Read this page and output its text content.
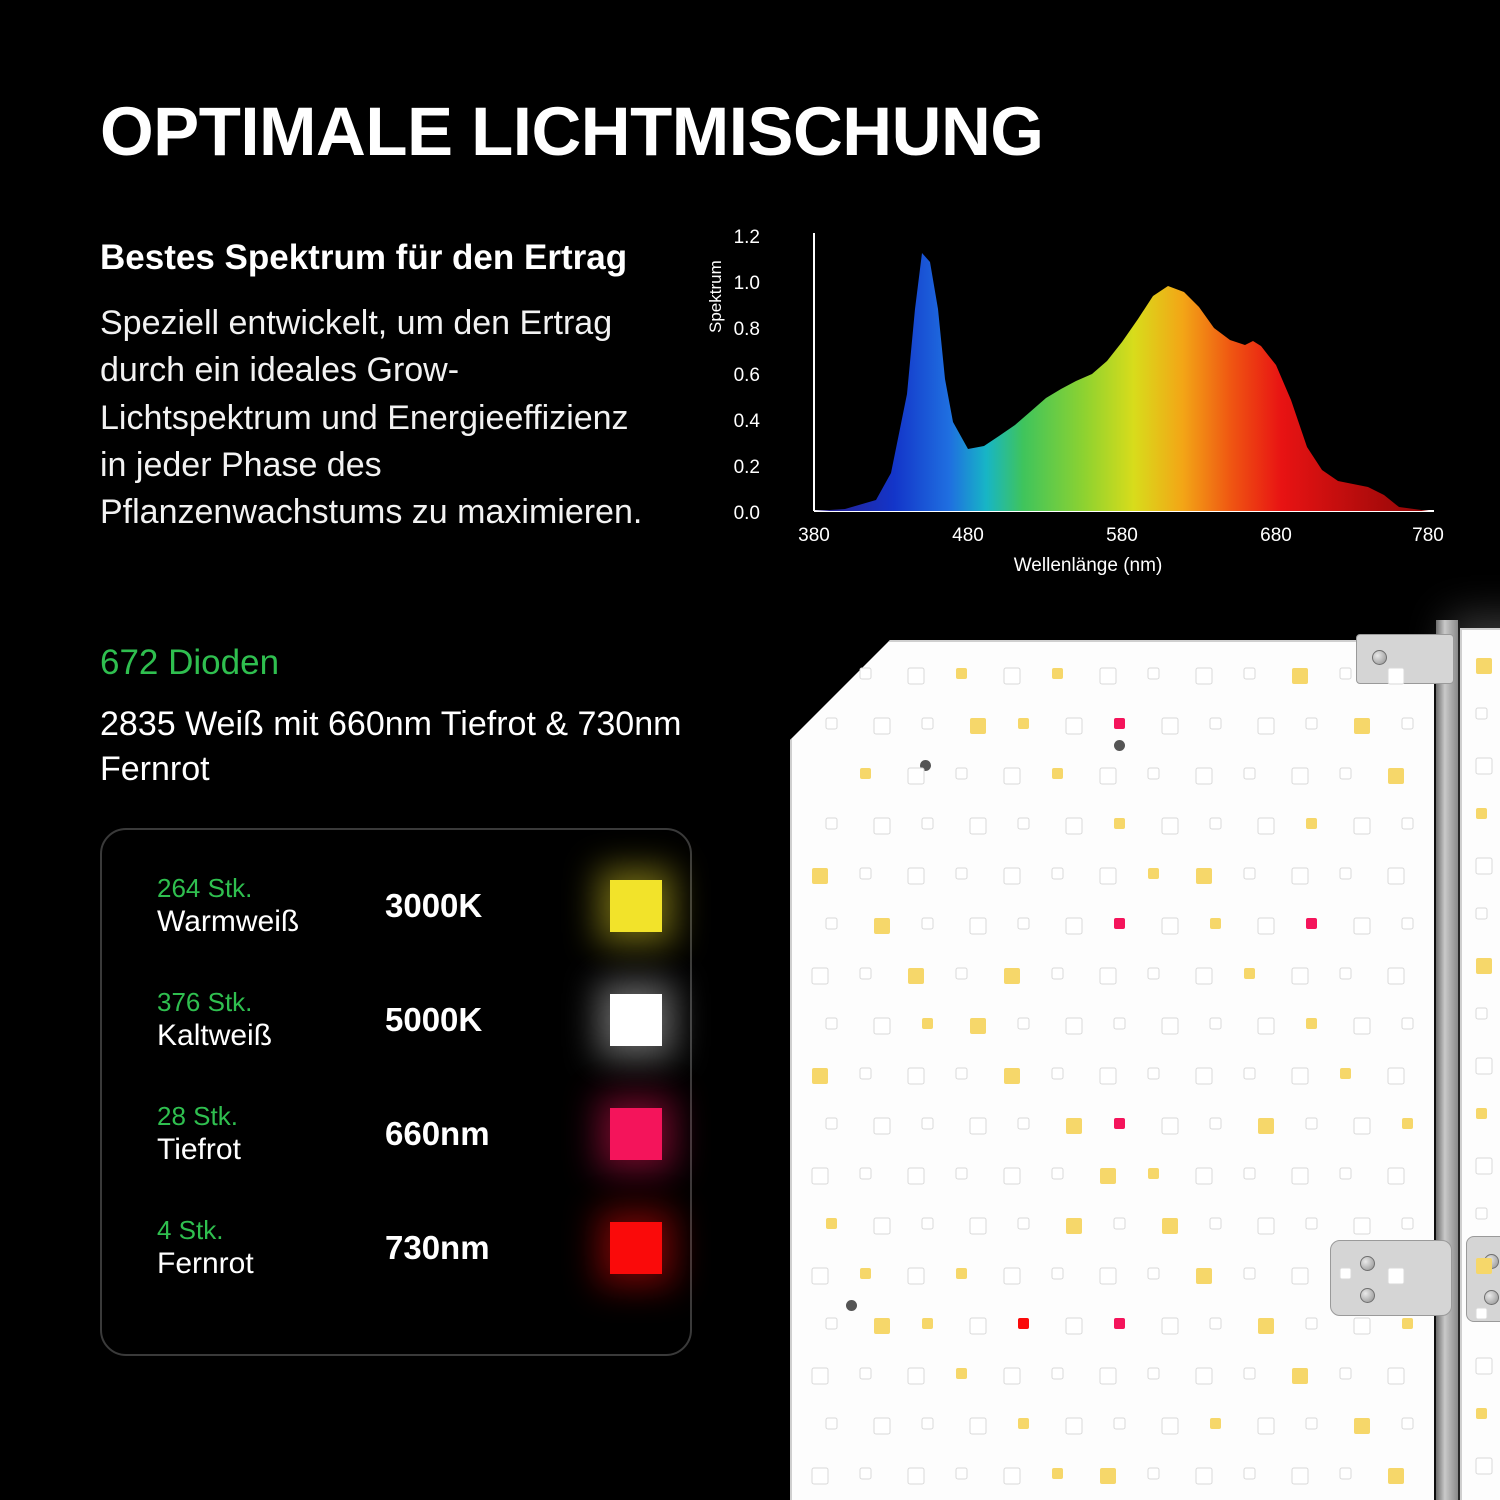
OPTIMALE LICHTMISCHUNG
Bestes Spektrum für den Ertrag
Speziell entwickelt, um den Ertrag durch ein ideales Grow-Lichtspektrum und Energieeffizienz in jeder Phase des Pflanzenwachstums zu maximieren.
672 Dioden
2835 Weiß mit 660nm Tiefrot & 730nm Fernrot
264 Stk.
Warmweiß	3000K
376 Stk.
Kaltweiß	5000K
28 Stk.
Tiefrot	660nm
4 Stk.
Fernrot	730nm
Spektrum
1.2
1.0
0.8
0.6
0.4
0.2
0.0
380	480	580	680	780
Wellenlänge (nm)
